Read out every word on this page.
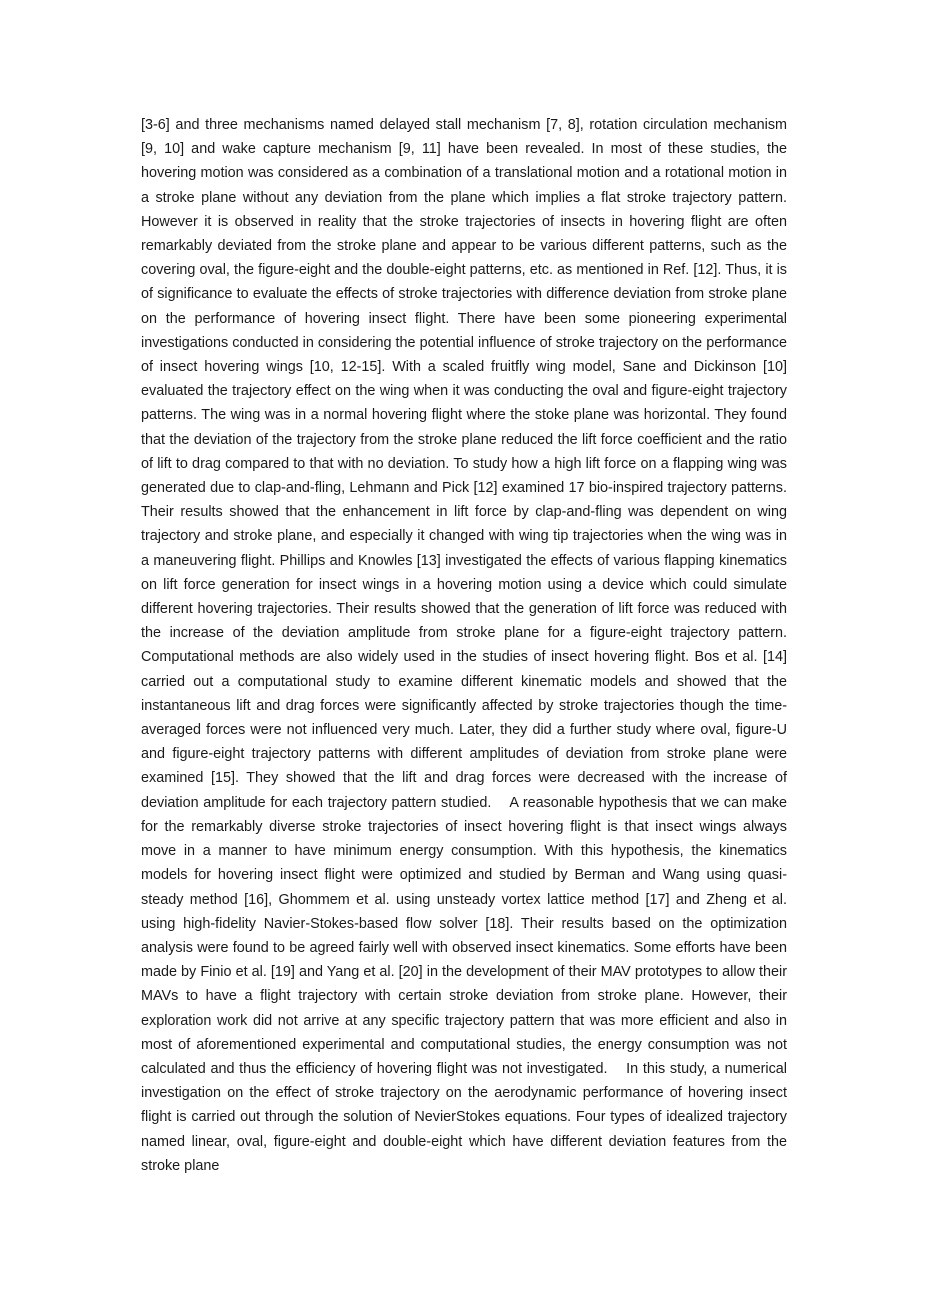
[3-6] and three mechanisms named delayed stall mechanism [7, 8], rotation circulation mechanism [9, 10] and wake capture mechanism [9, 11] have been revealed. In most of these studies, the hovering motion was considered as a combination of a translational motion and a rotational motion in a stroke plane without any deviation from the plane which implies a flat stroke trajectory pattern. However it is observed in reality that the stroke trajectories of insects in hovering flight are often remarkably deviated from the stroke plane and appear to be various different patterns, such as the covering oval, the figure-eight and the double-eight patterns, etc. as mentioned in Ref. [12]. Thus, it is of significance to evaluate the effects of stroke trajectories with difference deviation from stroke plane on the performance of hovering insect flight. There have been some pioneering experimental investigations conducted in considering the potential influence of stroke trajectory on the performance of insect hovering wings [10, 12-15]. With a scaled fruitfly wing model, Sane and Dickinson [10] evaluated the trajectory effect on the wing when it was conducting the oval and figure-eight trajectory patterns. The wing was in a normal hovering flight where the stoke plane was horizontal. They found that the deviation of the trajectory from the stroke plane reduced the lift force coefficient and the ratio of lift to drag compared to that with no deviation. To study how a high lift force on a flapping wing was generated due to clap-and-fling, Lehmann and Pick [12] examined 17 bio-inspired trajectory patterns. Their results showed that the enhancement in lift force by clap-and-fling was dependent on wing trajectory and stroke plane, and especially it changed with wing tip trajectories when the wing was in a maneuvering flight. Phillips and Knowles [13] investigated the effects of various flapping kinematics on lift force generation for insect wings in a hovering motion using a device which could simulate different hovering trajectories. Their results showed that the generation of lift force was reduced with the increase of the deviation amplitude from stroke plane for a figure-eight trajectory pattern. Computational methods are also widely used in the studies of insect hovering flight. Bos et al. [14] carried out a computational study to examine different kinematic models and showed that the instantaneous lift and drag forces were significantly affected by stroke trajectories though the time-averaged forces were not influenced very much. Later, they did a further study where oval, figure-U and figure-eight trajectory patterns with different amplitudes of deviation from stroke plane were examined [15]. They showed that the lift and drag forces were decreased with the increase of deviation amplitude for each trajectory pattern studied.    A reasonable hypothesis that we can make for the remarkably diverse stroke trajectories of insect hovering flight is that insect wings always move in a manner to have minimum energy consumption. With this hypothesis, the kinematics models for hovering insect flight were optimized and studied by Berman and Wang using quasi-steady method [16], Ghommem et al. using unsteady vortex lattice method [17] and Zheng et al. using high-fidelity Navier-Stokes-based flow solver [18]. Their results based on the optimization analysis were found to be agreed fairly well with observed insect kinematics. Some efforts have been made by Finio et al. [19] and Yang et al. [20] in the development of their MAV prototypes to allow their MAVs to have a flight trajectory with certain stroke deviation from stroke plane. However, their exploration work did not arrive at any specific trajectory pattern that was more efficient and also in most of aforementioned experimental and computational studies, the energy consumption was not calculated and thus the efficiency of hovering flight was not investigated.    In this study, a numerical investigation on the effect of stroke trajectory on the aerodynamic performance of hovering insect flight is carried out through the solution of NevierStokes equations. Four types of idealized trajectory named linear, oval, figure-eight and double-eight which have different deviation features from the stroke plane
